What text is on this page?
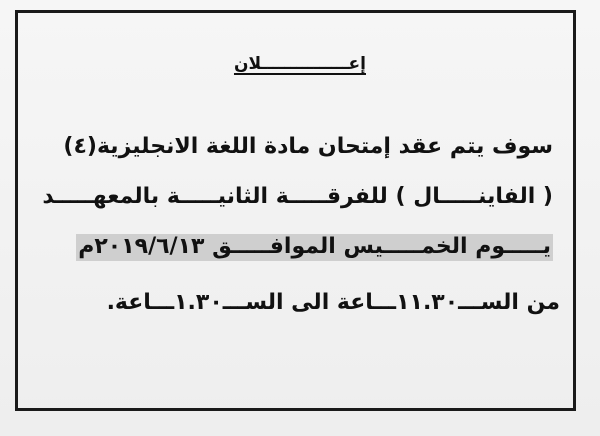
إعـــــــــــــــلان
سوف يتم عقد إمتحان مادة اللغة الانجليزية(٤)
( الفاينـــــال ) للفرقـــــة الثانيـــــة بالمعهـــــد
يـــــوم الخمـــــيس الموافـــــق ٢٠١٩/٦/١٣م
من الســـ١١.٣٠ـــاعة الى الســـ١.٣٠ـــاعة.
